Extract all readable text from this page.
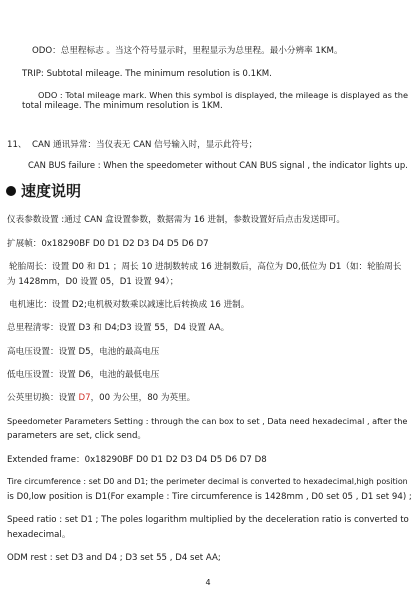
ODO：总里程标志 。当这个符号显示时，里程显示为总里程。最小分辨率 1KM。
TRIP: Subtotal mileage. The minimum resolution is 0.1KM.
ODO : Total mileage mark. When this symbol is displayed, the mileage is displayed as the
total mileage. The minimum resolution is 1KM.
11、 CAN 通讯异常：当仪表无 CAN 信号输入时，显示此符号；
CAN BUS failure : When the speedometer without CAN BUS signal , the indicator lights up.
速度说明
仪表参数设置 :通过 CAN 盒设置参数，数据需为 16 进制，参数设置好后点击发送即可。
扩展帧：0x18290BF D0 D1 D2 D3 D4 D5 D6 D7
轮胎周长：设置 D0 和 D1 ；周长 10 进制数转成 16 进制数后，高位为 D0,低位为 D1（如：轮胎周长
为 1428mm，D0 设置 05，D1 设置 94）；
电机速比：设置 D2;电机极对数乘以减速比后转换成 16 进制。
总里程清零：设置 D3 和 D4;D3 设置 55，D4 设置 AA。
高电压设置：设置 D5，电池的最高电压
低电压设置：设置 D6，电池的最低电压
公英里切换：设置 D7，00 为公里，80 为英里。
Speedometer Parameters Setting : through the can box to set , Data need hexadecimal , after the
parameters are set, click send。
Extended frame：0x18290BF D0 D1 D2 D3 D4 D5 D6 D7 D8
Tire circumference : set D0 and D1; the perimeter decimal is converted to hexadecimal,high position
is D0,low position is D1(For example : Tire circumference is 1428mm , D0 set 05 , D1 set 94) ;
Speed ratio : set D1 ; The poles logarithm multiplied by the deceleration ratio is converted to
hexadecimal。
ODM rest : set D3 and D4 ; D3 set 55 , D4 set AA;
4
